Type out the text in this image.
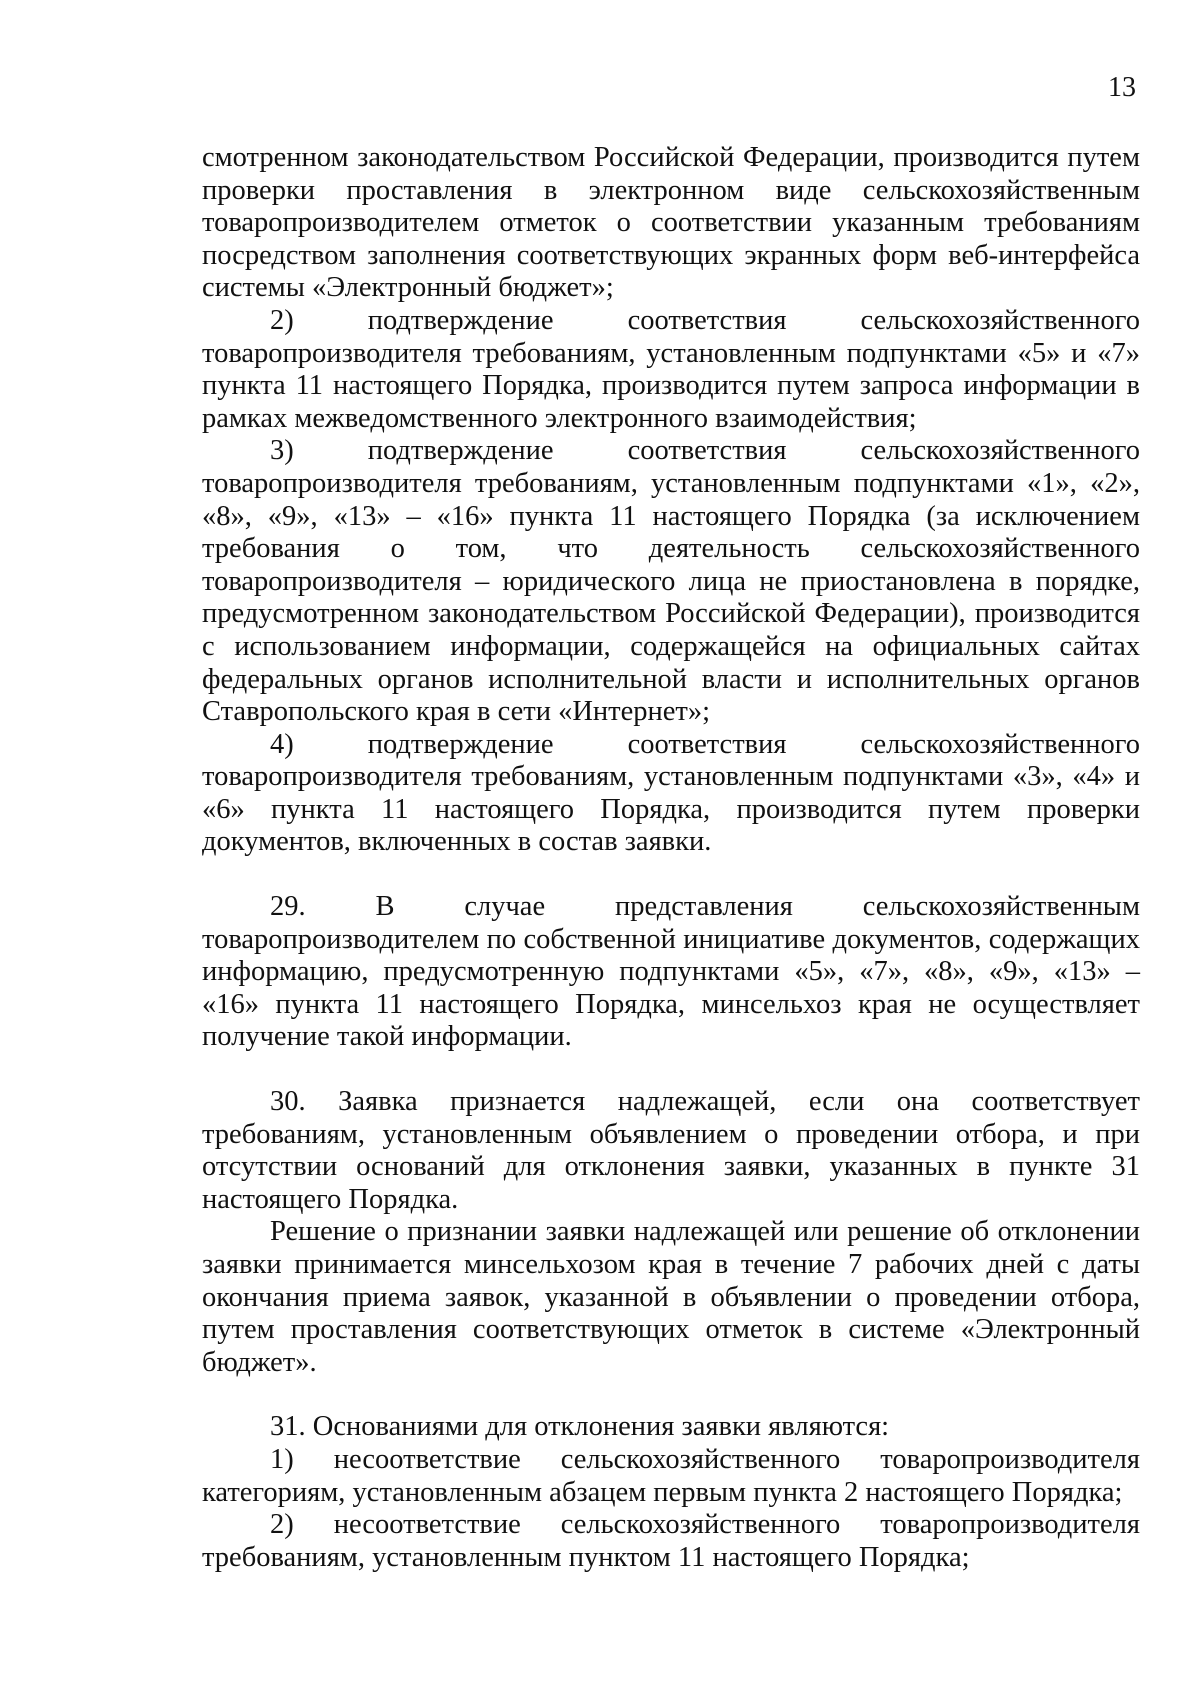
13

смотренном законодательством Российской Федерации, производится путем проверки проставления в электронном виде сельскохозяйственным товаропроизводителем отметок о соответствии указанным требованиям посредством заполнения соответствующих экранных форм веб-интерфейса системы «Электронный бюджет»;

2) подтверждение соответствия сельскохозяйственного товаропроизводителя требованиям, установленным подпунктами «5» и «7» пункта 11 настоящего Порядка, производится путем запроса информации в рамках межведомственного электронного взаимодействия;

3) подтверждение соответствия сельскохозяйственного товаропроизводителя требованиям, установленным подпунктами «1», «2», «8», «9», «13» – «16» пункта 11 настоящего Порядка (за исключением требования о том, что деятельность сельскохозяйственного товаропроизводителя – юридического лица не приостановлена в порядке, предусмотренном законодательством Российской Федерации), производится с использованием информации, содержащейся на официальных сайтах федеральных органов исполнительной власти и исполнительных органов Ставропольского края в сети «Интернет»;

4) подтверждение соответствия сельскохозяйственного товаропроизводителя требованиям, установленным подпунктами «3», «4» и «6» пункта 11 настоящего Порядка, производится путем проверки документов, включенных в состав заявки.

29. В случае представления сельскохозяйственным товаропроизводителем по собственной инициативе документов, содержащих информацию, предусмотренную подпунктами «5», «7», «8», «9», «13» – «16» пункта 11 настоящего Порядка, минсельхоз края не осуществляет получение такой информации.

30. Заявка признается надлежащей, если она соответствует требованиям, установленным объявлением о проведении отбора, и при отсутствии оснований для отклонения заявки, указанных в пункте 31 настоящего Порядка.

Решение о признании заявки надлежащей или решение об отклонении заявки принимается минсельхозом края в течение 7 рабочих дней с даты окончания приема заявок, указанной в объявлении о проведении отбора, путем проставления соответствующих отметок в системе «Электронный бюджет».

31. Основаниями для отклонения заявки являются:

1) несоответствие сельскохозяйственного товаропроизводителя категориям, установленным абзацем первым пункта 2 настоящего Порядка;

2) несоответствие сельскохозяйственного товаропроизводителя требованиям, установленным пунктом 11 настоящего Порядка;
